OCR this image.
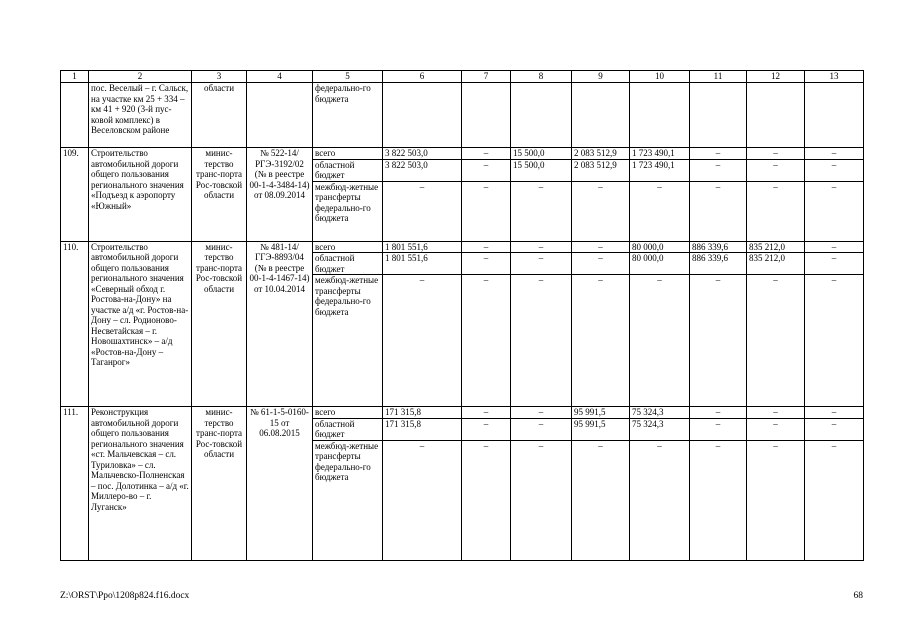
1	2	3	4	5	6	7	8	9	10	11	12	13
	пос. Веселый – г. Сальск, на участке км 25 + 334 – км 41 + 920 (3-й пус-ковой комплекс) в Веселовском районе	области		федерально-го бюджета								
109.	Строительство автомобильной дороги общего пользования регионального значения «Подъезд к аэропорту «Южный»	минис-терство транс-порта Рос-товской области	№ 522-14/РГЭ-3192/02 (№ в реестре 00-1-4-3484-14) от 08.09.2014	всего	3 822 503,0	–	15 500,0	2 083 512,9	1 723 490,1	–	–	–
				областной бюджет	3 822 503,0	–	15 500,0	2 083 512,9	1 723 490,1	–	–	–
				межбюд-жетные трансферты федерально-го бюджета	–	–	–	–	–	–	–	–
110.	Строительство автомобильной дороги общего пользования регионального значения «Северный обход г. Ростова-на-Дону» на участке а/д «г. Ростов-на-Дону – сл. Родионово-Несветайская – г. Новошахтинск» – а/д «Ростов-на-Дону – Таганрог»	минис-терство транс-порта Рос-товской области	№ 481-14/ГГЭ-8893/04 (№ в реестре 00-1-4-1467-14) от 10.04.2014	всего	1 801 551,6	–	–	–	80 000,0	886 339,6	835 212,0	–
				областной бюджет	1 801 551,6	–	–	–	80 000,0	886 339,6	835 212,0	–
				межбюд-жетные трансферты федерально-го бюджета	–	–	–	–	–	–	–	–
111.	Реконструкция автомобильной дороги общего пользования регионального значения «ст. Мальчевская – сл. Туриловка» – сл. Мальчевско-Полненская – пос. Долотинка – а/д «г. Миллеро-во – г. Луганск»	минис-терство транс-порта Рос-товской области	№ 61-1-5-0160-15 от 06.08.2015	всего	171 315,8	–	–	95 991,5	75 324,3	–	–	–
				областной бюджет	171 315,8	–	–	95 991,5	75 324,3	–	–	–
				межбюд-жетные трансферты федерально-го бюджета	–	–	–	–	–	–	–	–
Z:\ORST\Ppo\1208p824.f16.docx	68
